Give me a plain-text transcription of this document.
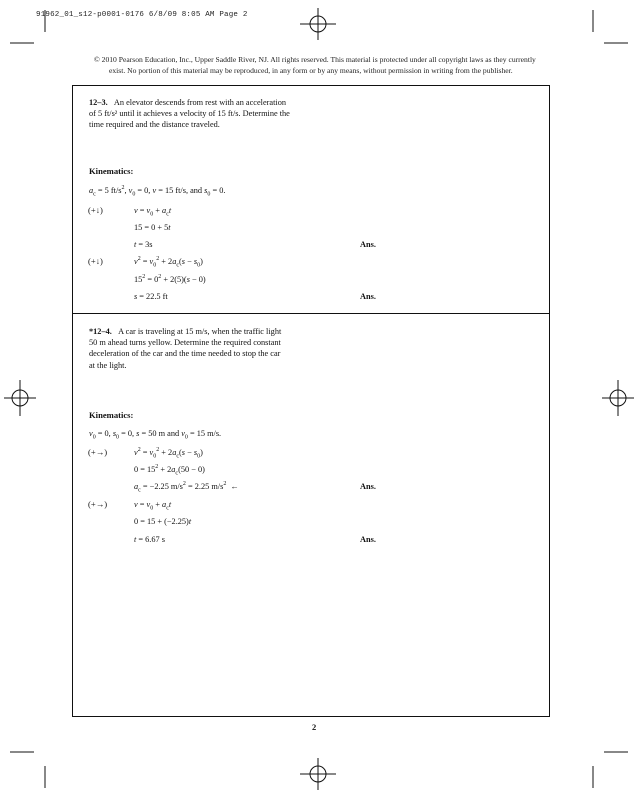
91962_01_s12-p0001-0176 6/8/09 8:05 AM Page 2
© 2010 Pearson Education, Inc., Upper Saddle River, NJ. All rights reserved. This material is protected under all copyright laws as they currently
exist. No portion of this material may be reproduced, in any form or by any means, without permission in writing from the publisher.
12–3. An elevator descends from rest with an acceleration
of 5 ft/s² until it achieves a velocity of 15 ft/s. Determine the
time required and the distance traveled.
Kinematics:
$a_c = 5$ $ft/s^2$, $v_0 = 0$, v = 15 ft/s, and $s_0 = 0$.
(+↓)	$v = v_0 + a_ct$
15 = 0 + 5t
t = 3s	Ans.
(+↓)	$v^2 = v_0^2 + 2a_c(s - s_0)$
$15^2 = 0^2 + 2(5)(s - 0)$
s = 22.5 ft	Ans.
*12–4. A car is traveling at 15 m/s, when the traffic light
50 m ahead turns yellow. Determine the required constant
deceleration of the car and the time needed to stop the car
at the light.
Kinematics:
$v_0 = 0$, $s_0 = 0$, s = 50 m and $v_0 = 15$ m/s.
(+→)	$v^2 = v_0^2 + 2a_c(s - s_0)$
$0 = 15^2 + 2a_c(50 - 0)$
$a_c = -2.25$ $m/s^2 = 2.25$ $m/s^2$  ←	Ans.
(+→)	$v = v_0 + a_ct$
0 = 15 + (−2.25)t
t = 6.67 s	Ans.
2
